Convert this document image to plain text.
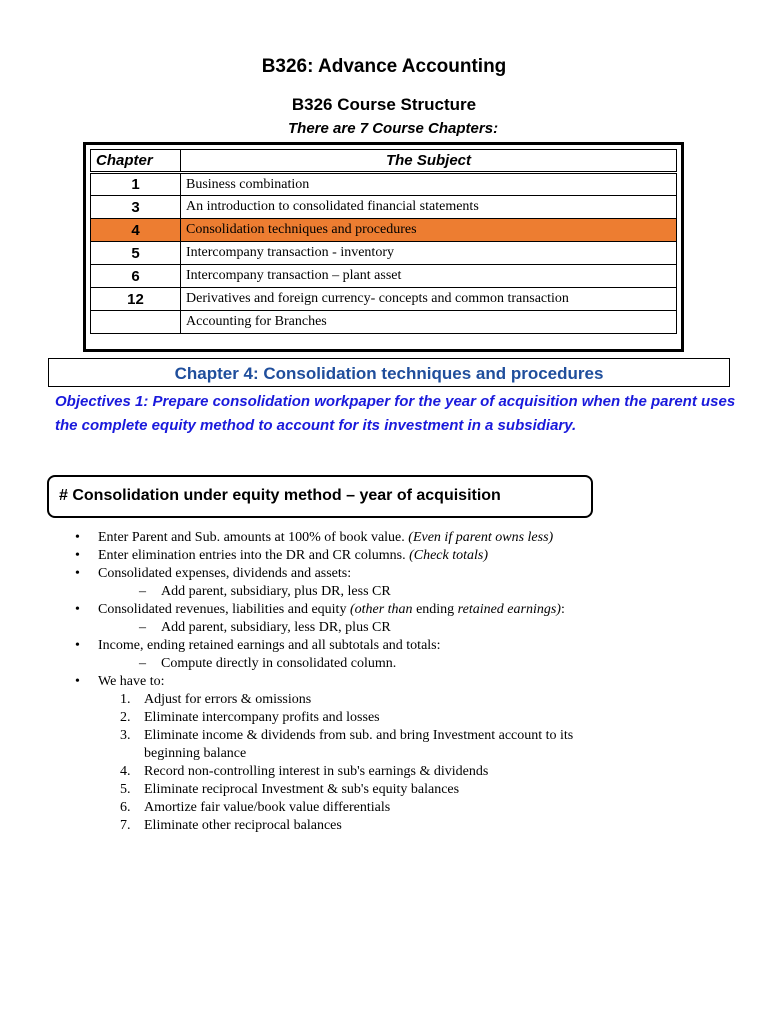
B326: Advance Accounting
B326 Course Structure
There are 7 Course Chapters:
Chapter	The Subject
1	Business combination
3	An introduction to consolidated financial statements
4	Consolidation techniques and procedures
5	Intercompany transaction - inventory
6	Intercompany transaction – plant asset
12	Derivatives and foreign currency- concepts and common transaction
	Accounting for Branches
Chapter 4: Consolidation techniques and procedures
Objectives 1: Prepare consolidation workpaper for the year of acquisition when the parent uses the complete equity method to account for its investment in a subsidiary.
# Consolidation under equity method – year of acquisition
• Enter Parent and Sub. amounts at 100% of book value. (Even if parent owns less)
• Enter elimination entries into the DR and CR columns. (Check totals)
• Consolidated expenses, dividends and assets:
– Add parent, subsidiary, plus DR, less CR
• Consolidated revenues, liabilities and equity (other than ending retained earnings):
– Add parent, subsidiary, less DR, plus CR
• Income, ending retained earnings and all subtotals and totals:
– Compute directly in consolidated column.
• We have to:
1. Adjust for errors & omissions
2. Eliminate intercompany profits and losses
3. Eliminate income & dividends from sub. and bring Investment account to its
beginning balance
4. Record non-controlling interest in sub's earnings & dividends
5. Eliminate reciprocal Investment & sub's equity balances
6. Amortize fair value/book value differentials
7. Eliminate other reciprocal balances
